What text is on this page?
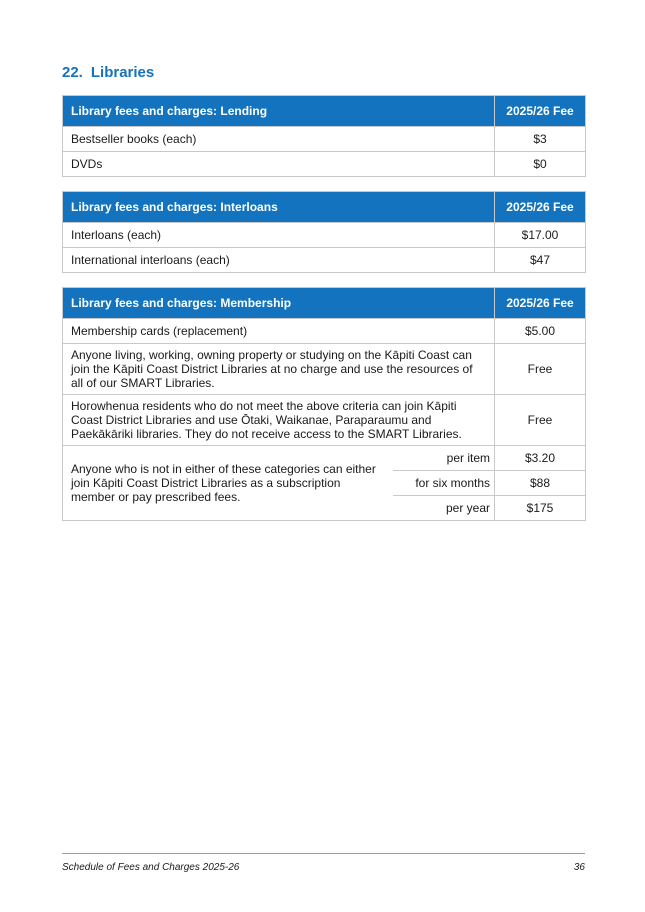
22. Libraries
Library fees and charges: Lending	2025/26 Fee
Bestseller books (each)	$3
DVDs	$0
Library fees and charges: Interloans	2025/26 Fee
Interloans (each)	$17.00
International interloans (each)	$47
Library fees and charges: Membership		2025/26 Fee
Membership cards (replacement)		$5.00
Anyone living, working, owning property or studying on the Kāpiti Coast can join the Kāpiti Coast District Libraries at no charge and use the resources of all of our SMART Libraries.		Free
Horowhenua residents who do not meet the above criteria can join Kāpiti Coast District Libraries and use Ōtaki, Waikanae, Paraparaumu and Paekākāriki libraries. They do not receive access to the SMART Libraries.		Free
Anyone who is not in either of these categories can either join Kāpiti Coast District Libraries as a subscription member or pay prescribed fees.	per item	$3.20
	for six months	$88
	per year	$175
Schedule of Fees and Charges 2025-26	36
